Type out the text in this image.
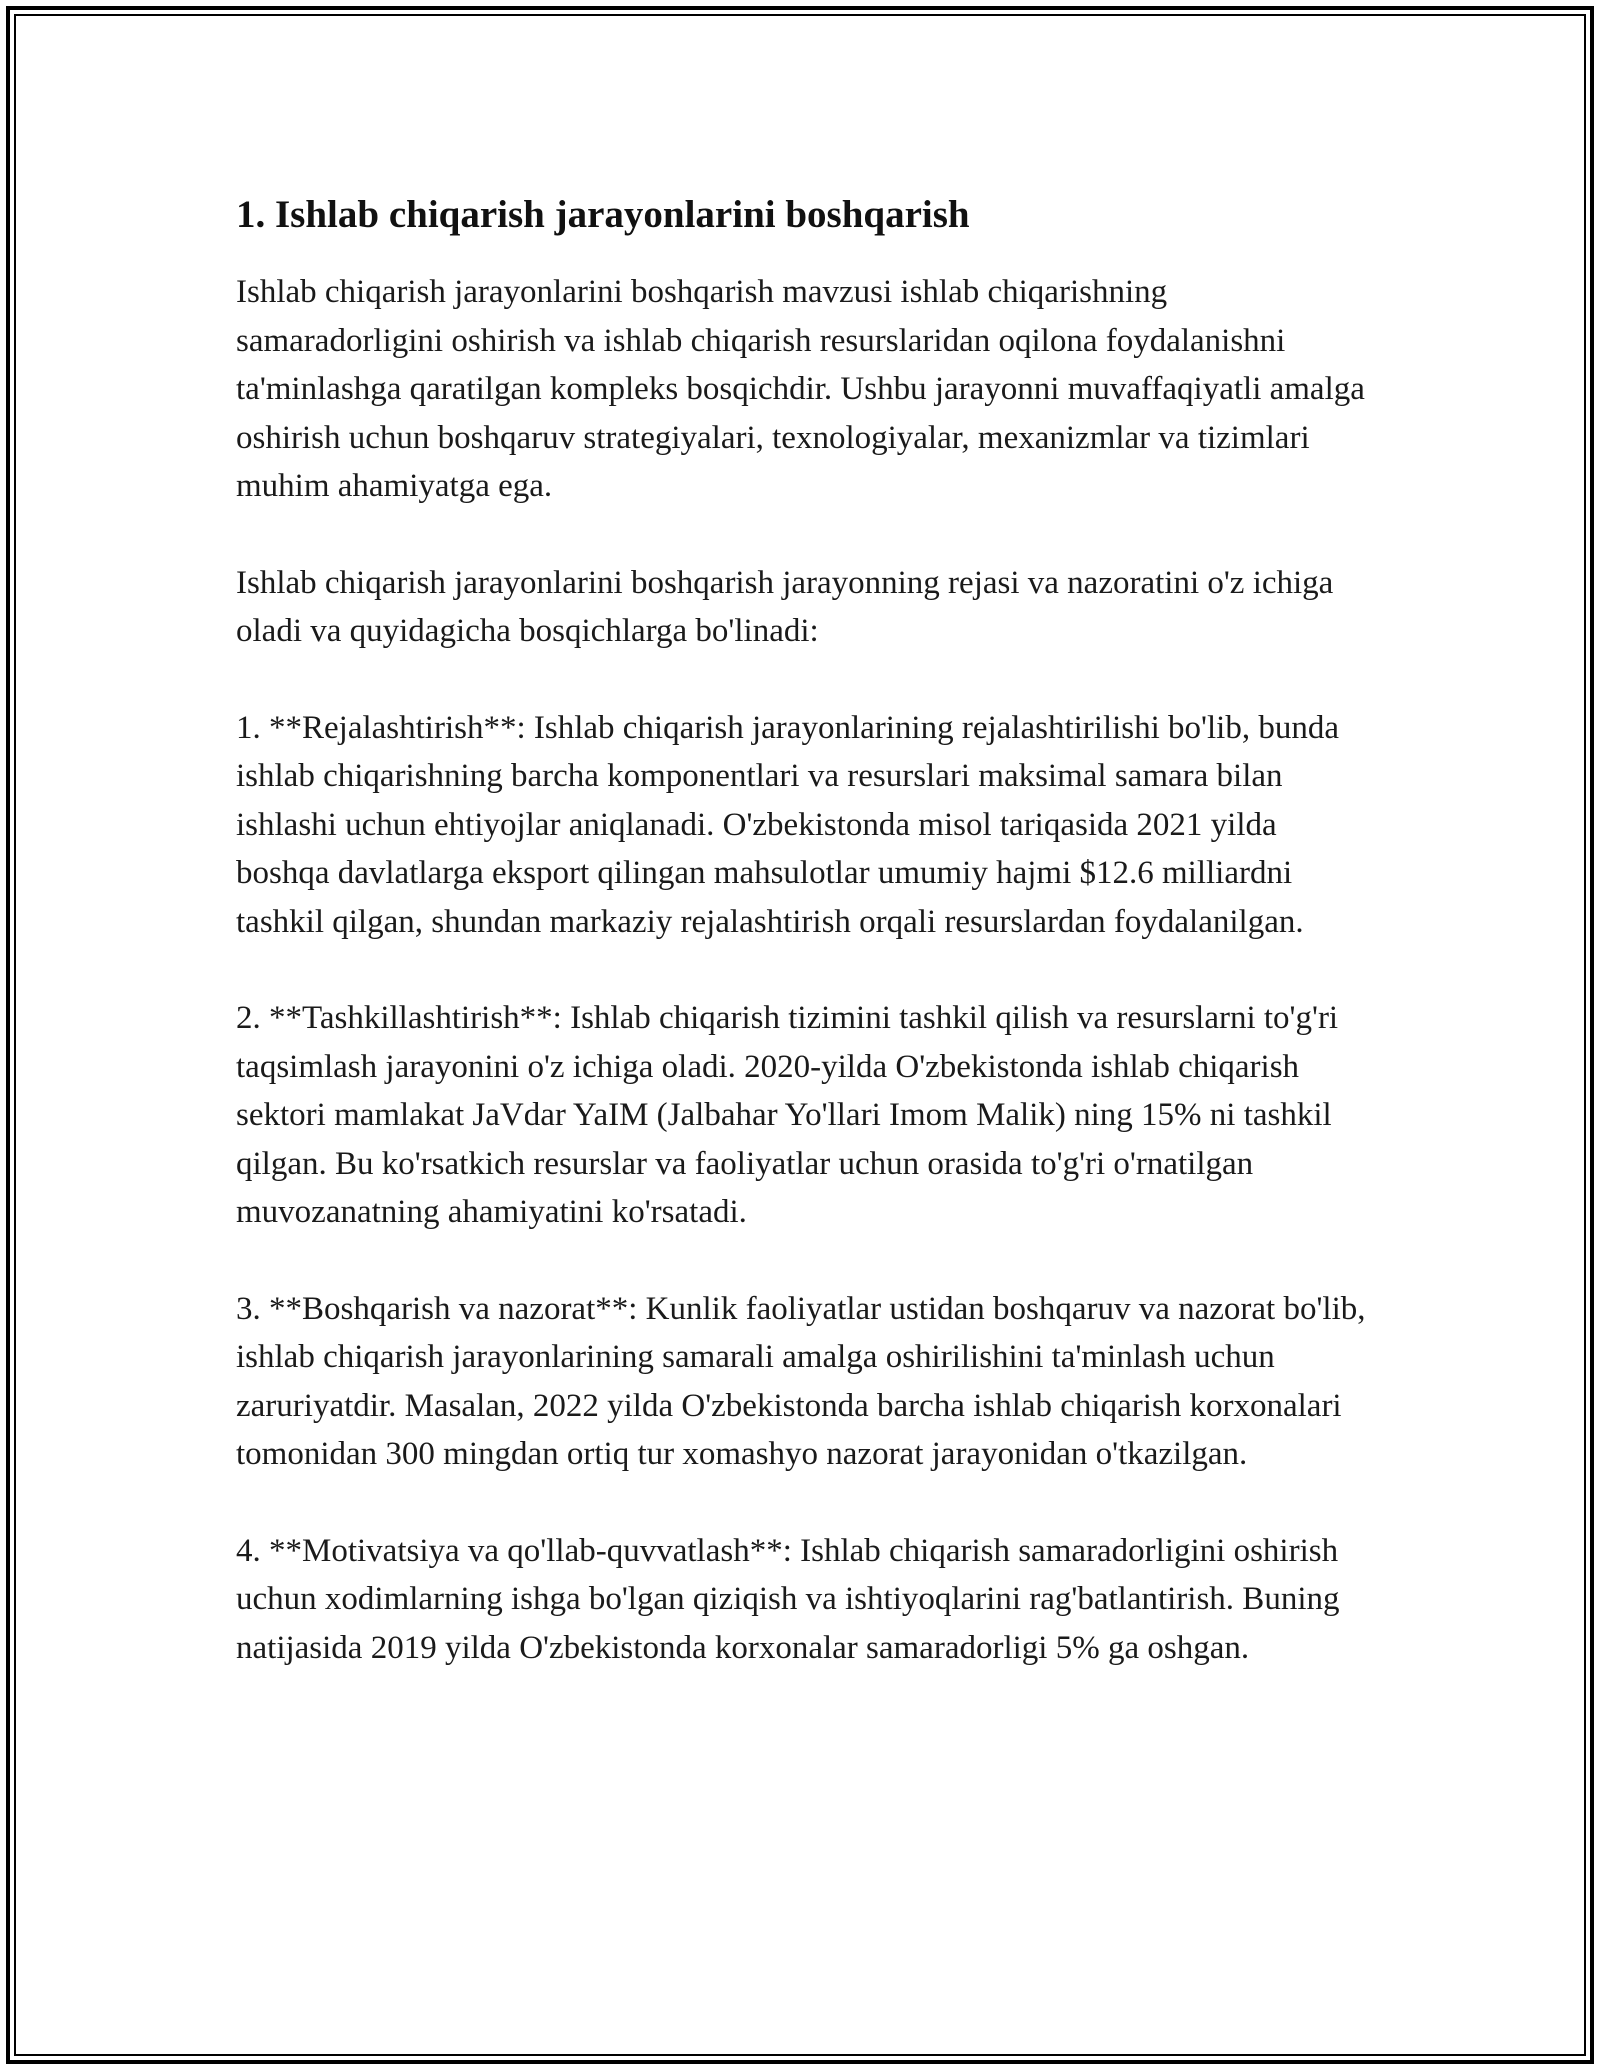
1. Ishlab chiqarish jarayonlarini boshqarish

Ishlab chiqarish jarayonlarini boshqarish mavzusi ishlab chiqarishning samaradorligini oshirish va ishlab chiqarish resurslaridan oqilona foydalanishni ta'minlashga qaratilgan kompleks bosqichdir. Ushbu jarayonni muvaffaqiyatli amalga oshirish uchun boshqaruv strategiyalari, texnologiyalar, mexanizmlar va tizimlari muhim ahamiyatga ega.

Ishlab chiqarish jarayonlarini boshqarish jarayonning rejasi va nazoratini o'z ichiga oladi va quyidagicha bosqichlarga bo'linadi:

1. **Rejalashtirish**: Ishlab chiqarish jarayonlarining rejalashtirilishi bo'lib, bunda ishlab chiqarishning barcha komponentlari va resurslari maksimal samara bilan ishlashi uchun ehtiyojlar aniqlanadi. O'zbekistonda misol tariqasida 2021 yilda boshqa davlatlarga eksport qilingan mahsulotlar umumiy hajmi $12.6 milliardni tashkil qilgan, shundan markaziy rejalashtirish orqali resurslardan foydalanilgan.

2. **Tashkillashtirish**: Ishlab chiqarish tizimini tashkil qilish va resurslarni to'g'ri taqsimlash jarayonini o'z ichiga oladi. 2020-yilda O'zbekistonda ishlab chiqarish sektori mamlakat JaVdar YaIM (Jalbahar Yo'llari Imom Malik) ning 15% ni tashkil qilgan. Bu ko'rsatkich resurslar va faoliyatlar uchun orasida to'g'ri o'rnatilgan muvozanatning ahamiyatini ko'rsatadi.

3. **Boshqarish va nazorat**: Kunlik faoliyatlar ustidan boshqaruv va nazorat bo'lib, ishlab chiqarish jarayonlarining samarali amalga oshirilishini ta'minlash uchun zaruriyatdir. Masalan, 2022 yilda O'zbekistonda barcha ishlab chiqarish korxonalari tomonidan 300 mingdan ortiq tur xomashyo nazorat jarayonidan o'tkazilgan.

4. **Motivatsiya va qo'llab-quvvatlash**: Ishlab chiqarish samaradorligini oshirish uchun xodimlarning ishga bo'lgan qiziqish va ishtiyoqlarini rag'batlantirish. Buning natijasida 2019 yilda O'zbekistonda korxonalar samaradorligi 5% ga oshgan.
